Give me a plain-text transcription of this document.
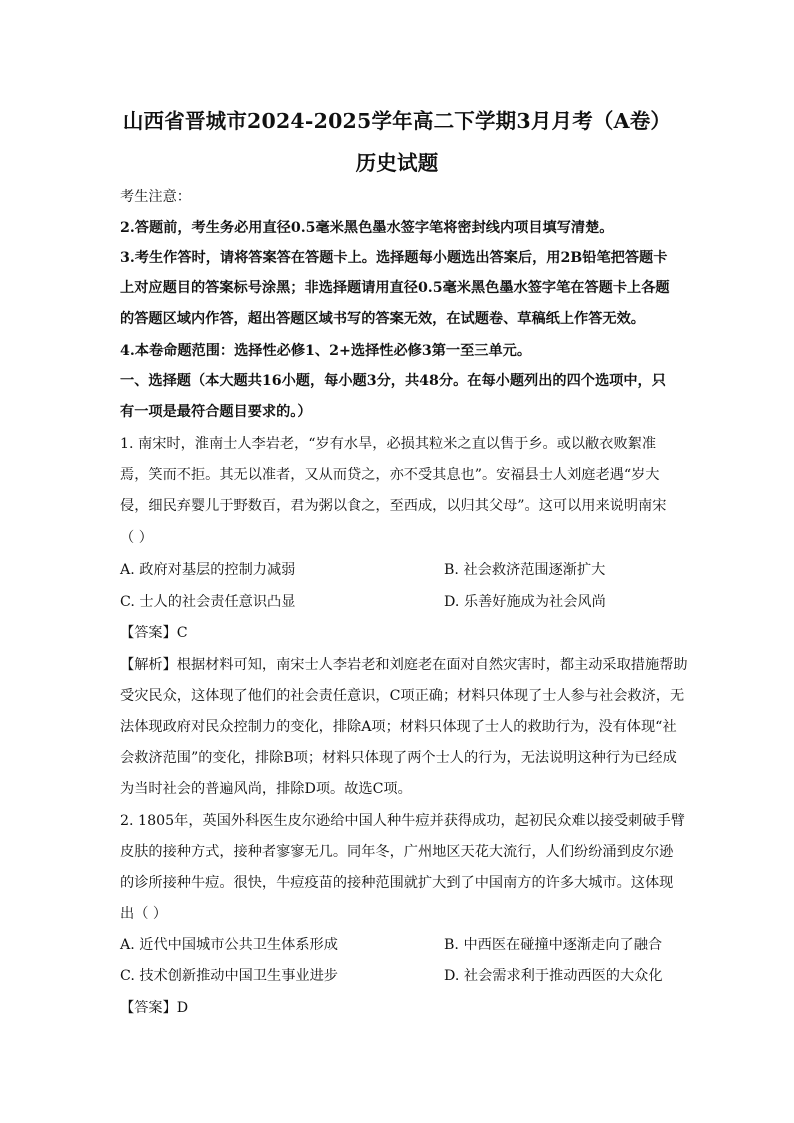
山西省晋城市2024-2025学年高二下学期3月月考（A卷）
历史试题
考生注意：
2.答题前，考生务必用直径0.5毫米黑色墨水签字笔将密封线内项目填写清楚。
3.考生作答时，请将答案答在答题卡上。选择题每小题选出答案后，用2B铅笔把答题卡
上对应题目的答案标号涂黑；非选择题请用直径0.5毫米黑色墨水签字笔在答题卡上各题
的答题区域内作答，超出答题区域书写的答案无效，在试题卷、草稿纸上作答无效。
4.本卷命题范围：选择性必修1、2+选择性必修3第一至三单元。
一、选择题（本大题共16小题，每小题3分，共48分。在每小题列出的四个选项中，只
有一项是最符合题目要求的。）
1. 南宋时，淮南士人李岩老，“岁有水旱，必损其粒米之直以售于乡。或以敝衣败絮准
焉，笑而不拒。其无以准者，又从而贷之，亦不受其息也”。安福县士人刘庭老遇“岁大
侵，细民弃婴儿于野数百，君为粥以食之，至西成，以归其父母”。这可以用来说明南宋
（ ）
A. 政府对基层的控制力减弱	B. 社会救济范围逐渐扩大
C. 士人的社会责任意识凸显	D. 乐善好施成为社会风尚
【答案】C
【解析】根据材料可知，南宋士人李岩老和刘庭老在面对自然灾害时，都主动采取措施帮助
受灾民众，这体现了他们的社会责任意识，C项正确；材料只体现了士人参与社会救济，无
法体现政府对民众控制力的变化，排除A项；材料只体现了士人的救助行为，没有体现“社
会救济范围”的变化，排除B项；材料只体现了两个士人的行为，无法说明这种行为已经成
为当时社会的普遍风尚，排除D项。故选C项。
2. 1805年，英国外科医生皮尔逊给中国人种牛痘并获得成功，起初民众难以接受刺破手臂
皮肤的接种方式，接种者寥寥无几。同年冬，广州地区天花大流行，人们纷纷涌到皮尔逊
的诊所接种牛痘。很快，牛痘疫苗的接种范围就扩大到了中国南方的许多大城市。这体现
出（ ）
A. 近代中国城市公共卫生体系形成	B. 中西医在碰撞中逐渐走向了融合
C. 技术创新推动中国卫生事业进步	D. 社会需求利于推动西医的大众化
【答案】D
